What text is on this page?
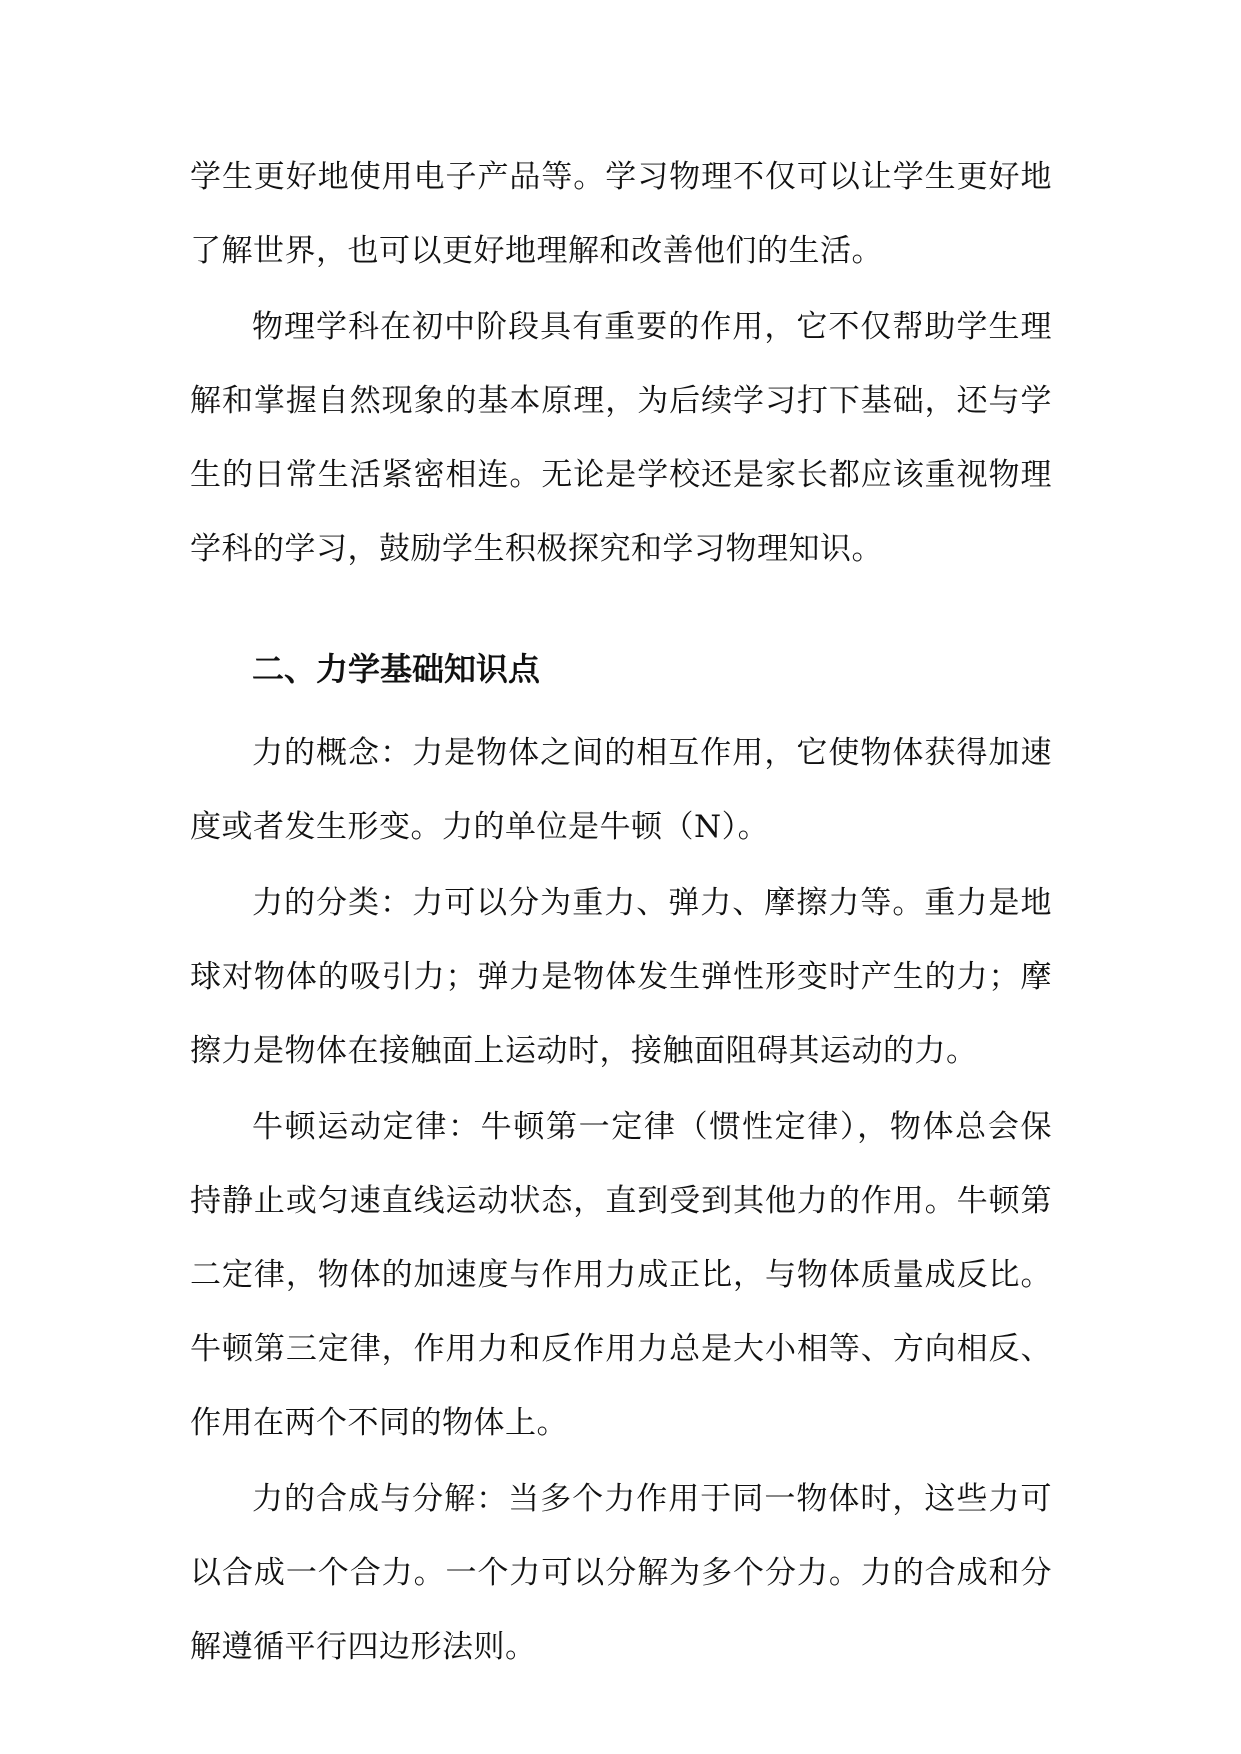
学生更好地使用电子产品等。学习物理不仅可以让学生更好地了解世界，也可以更好地理解和改善他们的生活。

物理学科在初中阶段具有重要的作用，它不仅帮助学生理解和掌握自然现象的基本原理，为后续学习打下基础，还与学生的日常生活紧密相连。无论是学校还是家长都应该重视物理学科的学习，鼓励学生积极探究和学习物理知识。

二、力学基础知识点

力的概念：力是物体之间的相互作用，它使物体获得加速度或者发生形变。力的单位是牛顿（N）。

力的分类：力可以分为重力、弹力、摩擦力等。重力是地球对物体的吸引力；弹力是物体发生弹性形变时产生的力；摩擦力是物体在接触面上运动时，接触面阻碍其运动的力。

牛顿运动定律：牛顿第一定律（惯性定律），物体总会保持静止或匀速直线运动状态，直到受到其他力的作用。牛顿第二定律，物体的加速度与作用力成正比，与物体质量成反比。牛顿第三定律，作用力和反作用力总是大小相等、方向相反、作用在两个不同的物体上。

力的合成与分解：当多个力作用于同一物体时，这些力可以合成一个合力。一个力可以分解为多个分力。力的合成和分解遵循平行四边形法则。
